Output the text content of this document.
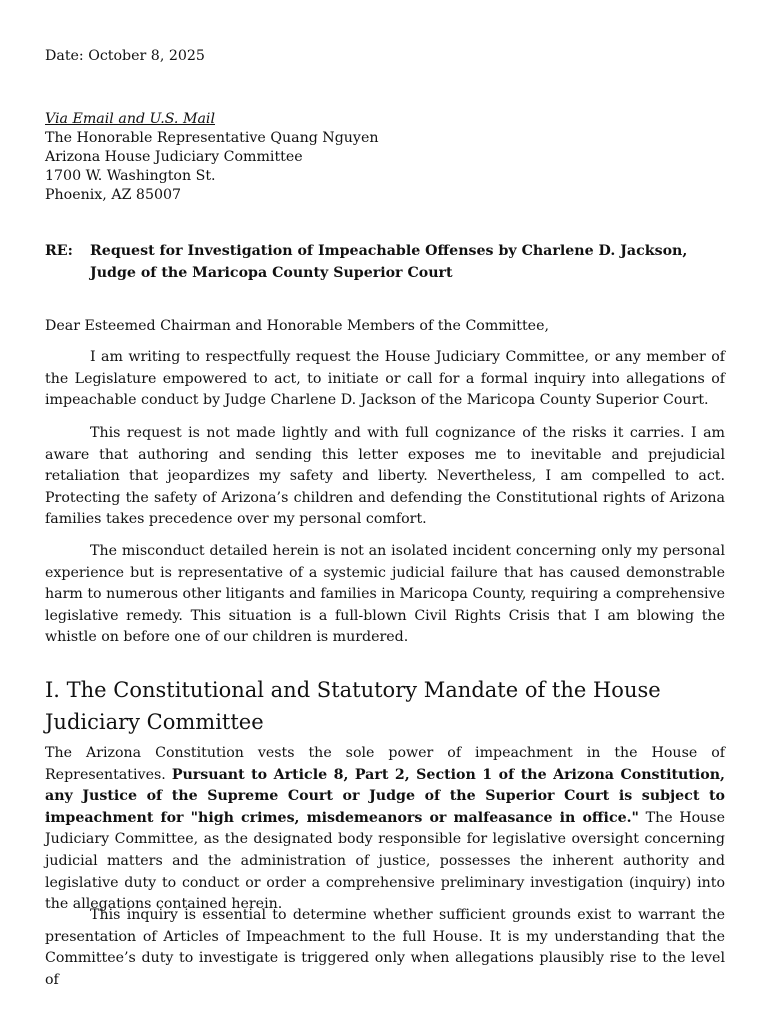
Date: October 8, 2025
Via Email and U.S. Mail
The Honorable Representative Quang Nguyen
Arizona House Judiciary Committee
1700 W. Washington St.
Phoenix, AZ 85007
RE: Request for Investigation of Impeachable Offenses by Charlene D. Jackson, Judge of the Maricopa County Superior Court
Dear Esteemed Chairman and Honorable Members of the Committee,
I am writing to respectfully request the House Judiciary Committee, or any member of the Legislature empowered to act, to initiate or call for a formal inquiry into allegations of impeachable conduct by Judge Charlene D. Jackson of the Maricopa County Superior Court.
This request is not made lightly and with full cognizance of the risks it carries. I am aware that authoring and sending this letter exposes me to inevitable and prejudicial retaliation that jeopardizes my safety and liberty. Nevertheless, I am compelled to act. Protecting the safety of Arizona’s children and defending the Constitutional rights of Arizona families takes precedence over my personal comfort.
The misconduct detailed herein is not an isolated incident concerning only my personal experience but is representative of a systemic judicial failure that has caused demonstrable harm to numerous other litigants and families in Maricopa County, requiring a comprehensive legislative remedy. This situation is a full-blown Civil Rights Crisis that I am blowing the whistle on before one of our children is murdered.
I. The Constitutional and Statutory Mandate of the House Judiciary Committee
The Arizona Constitution vests the sole power of impeachment in the House of Representatives. Pursuant to Article 8, Part 2, Section 1 of the Arizona Constitution, any Justice of the Supreme Court or Judge of the Superior Court is subject to impeachment for "high crimes, misdemeanors or malfeasance in office." The House Judiciary Committee, as the designated body responsible for legislative oversight concerning judicial matters and the administration of justice, possesses the inherent authority and legislative duty to conduct or order a comprehensive preliminary investigation (inquiry) into the allegations contained herein.
This inquiry is essential to determine whether sufficient grounds exist to warrant the presentation of Articles of Impeachment to the full House. It is my understanding that the Committee’s duty to investigate is triggered only when allegations plausibly rise to the level of
